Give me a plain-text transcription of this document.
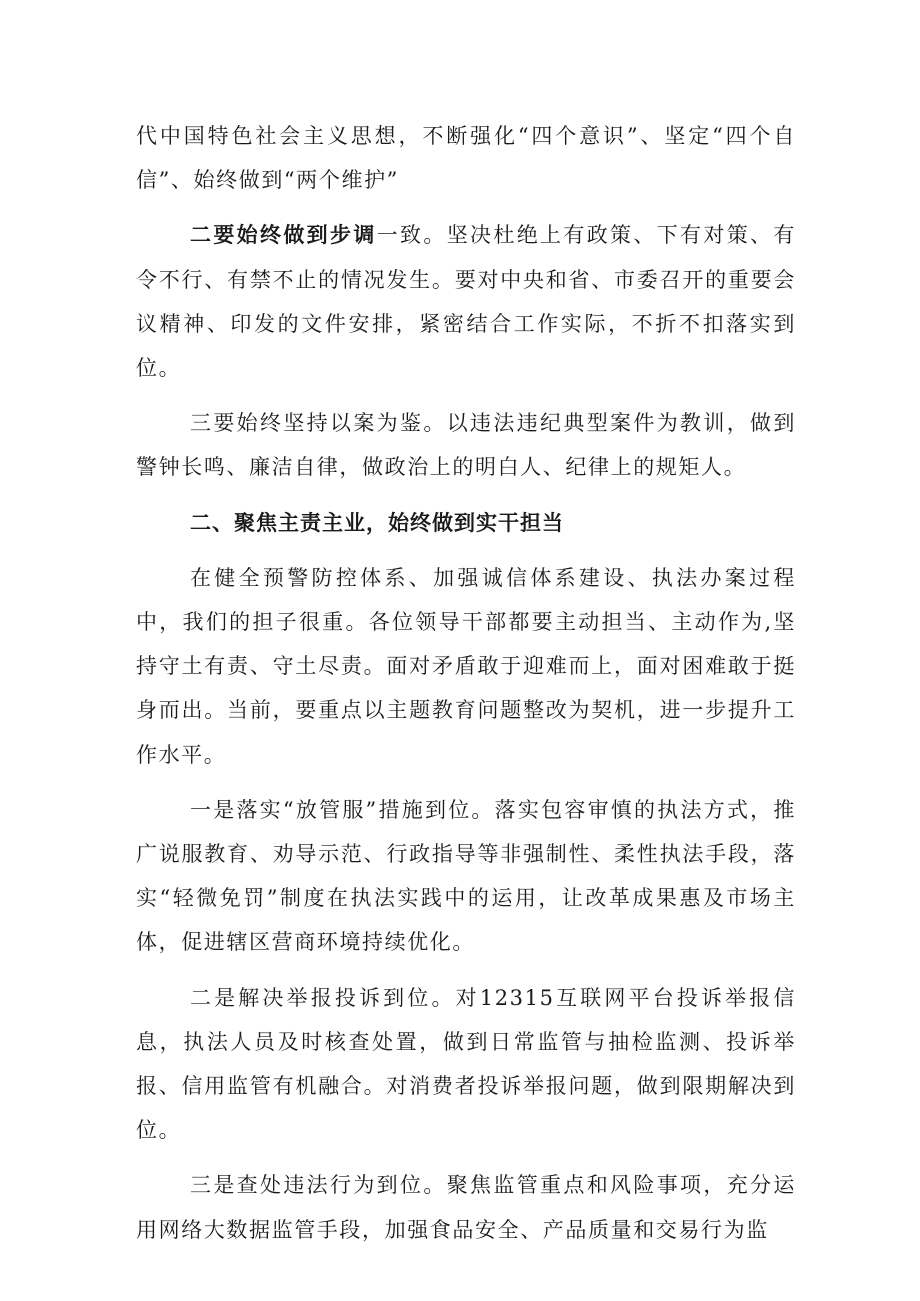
代中国特色社会主义思想，不断强化“四个意识”、坚定“四个自信”、始终做到“两个维护”

二要始终做到步调一致。坚决杜绝上有政策、下有对策、有令不行、有禁不止的情况发生。要对中央和省、市委召开的重要会议精神、印发的文件安排，紧密结合工作实际，不折不扣落实到位。

三要始终坚持以案为鉴。以违法违纪典型案件为教训，做到警钟长鸣、廉洁自律，做政治上的明白人、纪律上的规矩人。

二、聚焦主责主业，始终做到实干担当

在健全预警防控体系、加强诚信体系建设、执法办案过程中，我们的担子很重。各位领导干部都要主动担当、主动作为,坚持守土有责、守土尽责。面对矛盾敢于迎难而上，面对困难敢于挺身而出。当前，要重点以主题教育问题整改为契机，进一步提升工作水平。

一是落实“放管服”措施到位。落实包容审慎的执法方式，推广说服教育、劝导示范、行政指导等非强制性、柔性执法手段，落实“轻微免罚”制度在执法实践中的运用，让改革成果惠及市场主体，促进辖区营商环境持续优化。

二是解决举报投诉到位。对12315互联网平台投诉举报信息，执法人员及时核查处置，做到日常监管与抽检监测、投诉举报、信用监管有机融合。对消费者投诉举报问题，做到限期解决到位。

三是查处违法行为到位。聚焦监管重点和风险事项，充分运用网络大数据监管手段，加强食品安全、产品质量和交易行为监
